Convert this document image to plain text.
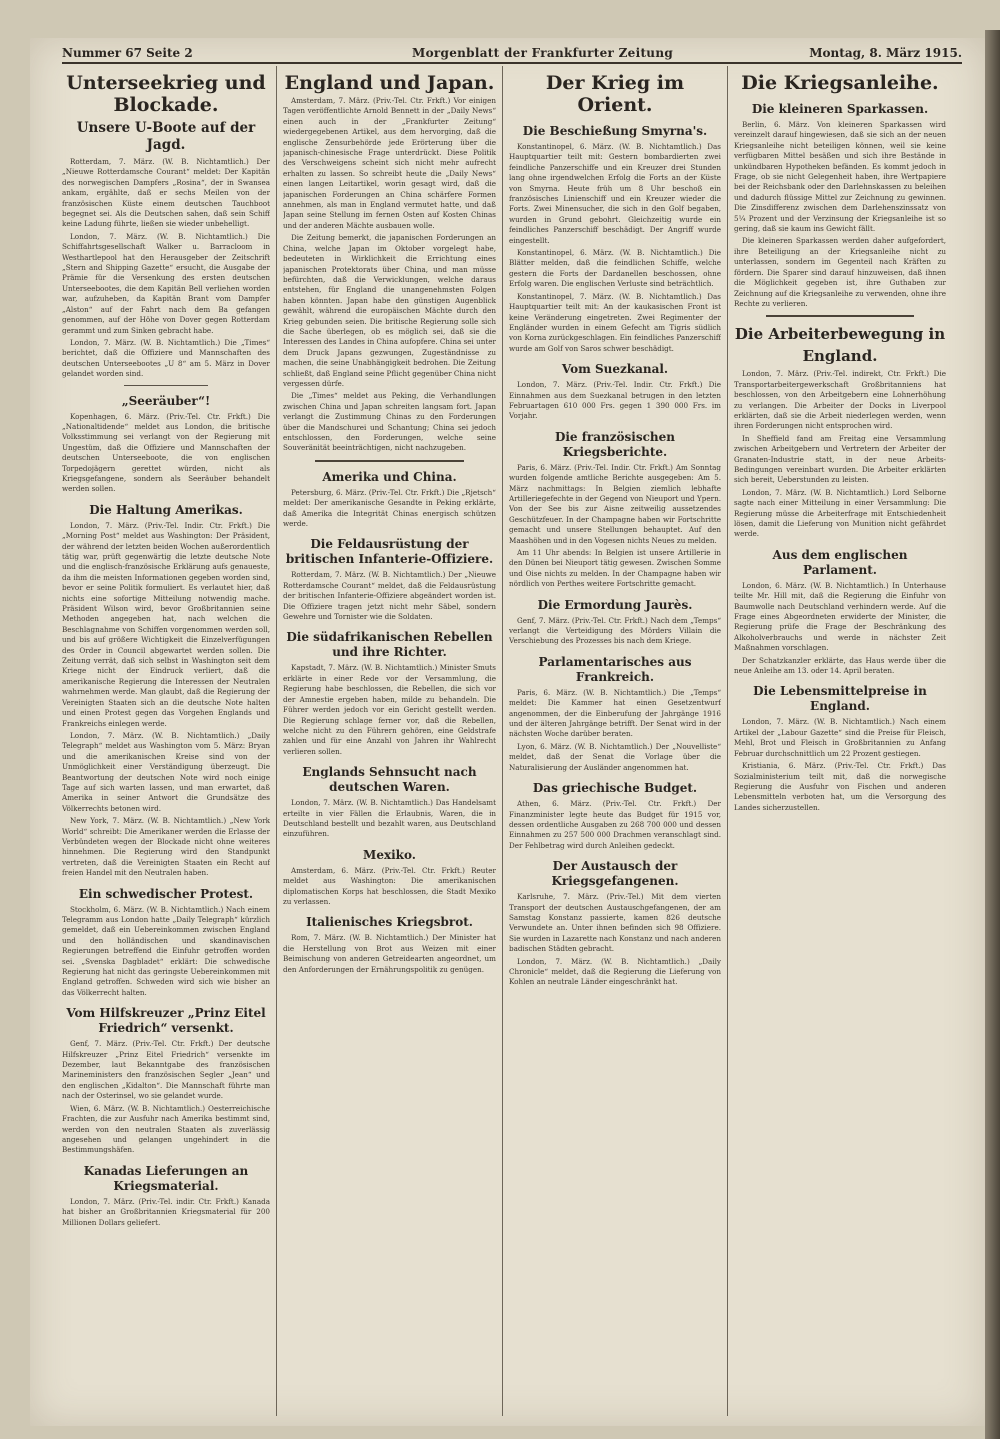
Nummer 67 Seite 2	Morgenblatt der Frankfurter Zeitung	Montag, 8. März 1915.
Unterseekrieg und Blockade.
Unsere U-Boote auf der Jagd.

Rotterdam, 7. März. (W. B. Nichtamtlich.) Der „Nieuwe Rotterdamsche Courant“ meldet: Der Kapitän des norwegischen Dampfers „Rosina“, der in Swansea ankam, ergählte, daß er sechs Meilen von der französischen Küste einem deutschen Tauchboot begegnet sei. Als die Deutschen sahen, daß sein Schiff keine Ladung führte, ließen sie wieder unbehelligt.

London, 7. März. (W. B. Nichtamtlich.) Die Schiffahrtsgesellschaft Walker u. Barracloom in Westhartlepool hat den Herausgeber der Zeitschrift „Stern and Shipping Gazette“ ersucht, die Ausgabe der Prämie für die Versenkung des ersten deutschen Unterseebootes, die dem Kapitän Bell verliehen worden war, aufzuheben, da Kapitän Brant vom Dampfer „Alston“ auf der Fahrt nach dem Ba gefangen genommen, auf der Höhe von Dover gegen Rotterdam gerammt und zum Sinken gebracht habe.

London, 7. März. (W. B. Nichtamtlich.) Die „Times“ berichtet, daß die Offiziere und Mannschaften des deutschen Unterseebootes „U 8“ am 5. März in Dover gelandet worden sind.

„Seeräuber“!

Kopenhagen, 6. März. (Priv.-Tel. Ctr. Frkft.) Die „Nationaltidende“ meldet aus London, die britische Volksstimmung sei verlangt von der Regierung mit Ungestüm, daß die Offiziere und Mannschaften der deutschen Unterseeboote, die von englischen Torpedojägern gerettet würden, nicht als Kriegsgefangene, sondern als Seeräuber behandelt werden sollen.

Die Haltung Amerikas.

London, 7. März. (Priv.-Tel. Indir. Ctr. Frkft.) Die „Morning Post“ meldet aus Washington: Der Präsident, der während der letzten beiden Wochen außerordentlich tätig war, prüft gegenwärtig die letzte deutsche Note und die englisch-französische Erklärung aufs genaueste, da ihm die meisten Informationen gegeben worden sind, bevor er seine Politik formuliert. Es verlautet hier, daß nichts eine sofortige Mitteilung notwendig mache. Präsident Wilson wird, bevor Großbritannien seine Methoden angegeben hat, nach welchen die Beschlagnahme von Schiffen vorgenommen werden soll, und bis auf größere Wichtigkeit die Einzelverfügungen des Order in Council abgewartet werden sollen. Die Zeitung verrät, daß sich selbst in Washington seit dem Kriege nicht der Eindruck verliert, daß die amerikanische Regierung die Interessen der Neutralen wahrnehmen werde. Man glaubt, daß die Regierung der Vereinigten Staaten sich an die deutsche Note halten und einen Protest gegen das Vorgehen Englands und Frankreichs einlegen werde.

London, 7. März. (W. B. Nichtamtlich.) „Daily Telegraph“ meldet aus Washington vom 5. März: Bryan und die amerikanischen Kreise sind von der Unmöglichkeit einer Verständigung überzeugt. Die Beantwortung der deutschen Note wird noch einige Tage auf sich warten lassen, und man erwartet, daß Amerika in seiner Antwort die Grundsätze des Völkerrechts betonen wird.

New York, 7. März. (W. B. Nichtamtlich.) „New York World“ schreibt: Die Amerikaner werden die Erlasse der Verbündeten wegen der Blockade nicht ohne weiteres hinnehmen. Die Regierung wird den Standpunkt vertreten, daß die Vereinigten Staaten ein Recht auf freien Handel mit den Neutralen haben.

Ein schwedischer Protest.

Stockholm, 6. März. (W. B. Nichtamtlich.) Nach einem Telegramm aus London hatte „Daily Telegraph“ kürzlich gemeldet, daß ein Uebereinkommen zwischen England und den holländischen und skandinavischen Regierungen betreffend die Einfuhr getroffen worden sei. „Svenska Dagbladet“ erklärt: Die schwedische Regierung hat nicht das geringste Uebereinkommen mit England getroffen. Schweden wird sich wie bisher an das Völkerrecht halten.

Vom Hilfskreuzer „Prinz Eitel Friedrich“ versenkt.

Genf, 7. März. (Priv.-Tel. Ctr. Frkft.) Der deutsche Hilfskreuzer „Prinz Eitel Friedrich“ versenkte im Dezember, laut Bekanntgabe des französischen Marineministers den französischen Segler „Jean“ und den englischen „Kidalton“. Die Mannschaft führte man nach der Osterinsel, wo sie gelandet wurde.

Wien, 6. März. (W. B. Nichtamtlich.) Oesterreichische Frachten, die zur Ausfuhr nach Amerika bestimmt sind, werden von den neutralen Staaten als zuverlässig angesehen und gelangen ungehindert in die Bestimmungshäfen.

Kanadas Lieferungen an Kriegsmaterial.

London, 7. März. (Priv.-Tel. indir. Ctr. Frkft.) Kanada hat bisher an Großbritannien Kriegsmaterial für 200 Millionen Dollars geliefert.

England und Japan.

Amsterdam, 7. März. (Priv.-Tel. Ctr. Frkft.) Vor einigen Tagen veröffentlichte Arnold Bennett in der „Daily News“ einen auch in der „Frankfurter Zeitung“ wiedergegebenen Artikel, aus dem hervorging, daß die englische Zensurbehörde jede Erörterung über die japanisch-chinesische Frage unterdrückt. Diese Politik des Verschweigens scheint sich nicht mehr aufrecht erhalten zu lassen. So schreibt heute die „Daily News“ einen langen Leitartikel, worin gesagt wird, daß die japanischen Forderungen an China schärfere Formen annehmen, als man in England vermutet hatte, und daß Japan seine Stellung im fernen Osten auf Kosten Chinas und der anderen Mächte ausbauen wolle.

Die Zeitung bemerkt, die japanischen Forderungen an China, welche Japan im Oktober vorgelegt habe, bedeuteten in Wirklichkeit die Errichtung eines japanischen Protektorats über China, und man müsse befürchten, daß die Verwicklungen, welche daraus entstehen, für England die unangenehmsten Folgen haben könnten. Japan habe den günstigen Augenblick gewählt, während die europäischen Mächte durch den Krieg gebunden seien. Die britische Regierung solle sich die Sache überlegen, ob es möglich sei, daß sie die Interessen des Landes in China aufopfere. China sei unter dem Druck Japans gezwungen, Zugeständnisse zu machen, die seine Unabhängigkeit bedrohen. Die Zeitung schließt, daß England seine Pflicht gegenüber China nicht vergessen dürfe.

Die „Times“ meldet aus Peking, die Verhandlungen zwischen China und Japan schreiten langsam fort. Japan verlangt die Zustimmung Chinas zu den Forderungen über die Mandschurei und Schantung; China sei jedoch entschlossen, den Forderungen, welche seine Souveränität beeinträchtigen, nicht nachzugeben.

Amerika und China.

Petersburg, 6. März. (Priv.-Tel. Ctr. Frkft.) Die „Rjetsch“ meldet: Der amerikanische Gesandte in Peking erklärte, daß Amerika die Integrität Chinas energisch schützen werde.

Die Feldausrüstung der britischen Infanterie-Offiziere.

Rotterdam, 7. März. (W. B. Nichtamtlich.) Der „Nieuwe Rotterdamsche Courant“ meldet, daß die Feldausrüstung der britischen Infanterie-Offiziere abgeändert worden ist. Die Offiziere tragen jetzt nicht mehr Säbel, sondern Gewehre und Tornister wie die Soldaten.

Die südafrikanischen Rebellen und ihre Richter.

Kapstadt, 7. März. (W. B. Nichtamtlich.) Minister Smuts erklärte in einer Rede vor der Versammlung, die Regierung habe beschlossen, die Rebellen, die sich vor der Amnestie ergeben haben, milde zu behandeln. Die Führer werden jedoch vor ein Gericht gestellt werden. Die Regierung schlage ferner vor, daß die Rebellen, welche nicht zu den Führern gehören, eine Geldstrafe zahlen und für eine Anzahl von Jahren ihr Wahlrecht verlieren sollen.

Englands Sehnsucht nach deutschen Waren.

London, 7. März. (W. B. Nichtamtlich.) Das Handelsamt erteilte in vier Fällen die Erlaubnis, Waren, die in Deutschland bestellt und bezahlt waren, aus Deutschland einzuführen.

Mexiko.

Amsterdam, 6. März. (Priv.-Tel. Ctr. Frkft.) Reuter meldet aus Washington: Die amerikanischen diplomatischen Korps hat beschlossen, die Stadt Mexiko zu verlassen.

Italienisches Kriegsbrot.

Rom, 7. März. (W. B. Nichtamtlich.) Der Minister hat die Herstellung von Brot aus Weizen mit einer Beimischung von anderen Getreidearten angeordnet, um den Anforderungen der Ernährungspolitik zu genügen.

Der Krieg im Orient.
Die Beschießung Smyrna's.

Konstantinopel, 6. März. (W. B. Nichtamtlich.) Das Hauptquartier teilt mit: Gestern bombardierten zwei feindliche Panzerschiffe und ein Kreuzer drei Stunden lang ohne irgendwelchen Erfolg die Forts an der Küste von Smyrna. Heute früh um 8 Uhr beschoß ein französisches Linienschiff und ein Kreuzer wieder die Forts. Zwei Minensucher, die sich in den Golf begaben, wurden in Grund gebohrt. Gleichzeitig wurde ein feindliches Panzerschiff beschädigt. Der Angriff wurde eingestellt.

Konstantinopel, 6. März. (W. B. Nichtamtlich.) Die Blätter melden, daß die feindlichen Schiffe, welche gestern die Forts der Dardanellen beschossen, ohne Erfolg waren. Die englischen Verluste sind beträchtlich.

Konstantinopel, 7. März. (W. B. Nichtamtlich.) Das Hauptquartier teilt mit: An der kaukasischen Front ist keine Veränderung eingetreten. Zwei Regimenter der Engländer wurden in einem Gefecht am Tigris südlich von Korna zurückgeschlagen. Ein feindliches Panzerschiff wurde am Golf von Saros schwer beschädigt.

Vom Suezkanal.

London, 7. März. (Priv.-Tel. Indir. Ctr. Frkft.) Die Einnahmen aus dem Suezkanal betrugen in den letzten Februartagen 610 000 Frs. gegen 1 390 000 Frs. im Vorjahr.

Die französischen Kriegsberichte.

Paris, 6. März. (Priv.-Tel. Indir. Ctr. Frkft.) Am Sonntag wurden folgende amtliche Berichte ausgegeben: Am 5. März nachmittags: In Belgien ziemlich lebhafte Artilleriegefechte in der Gegend von Nieuport und Ypern. Von der See bis zur Aisne zeitweilig aussetzendes Geschützfeuer. In der Champagne haben wir Fortschritte gemacht und unsere Stellungen behauptet. Auf den Maashöhen und in den Vogesen nichts Neues zu melden.

Am 11 Uhr abends: In Belgien ist unsere Artillerie in den Dünen bei Nieuport tätig gewesen. Zwischen Somme und Oise nichts zu melden. In der Champagne haben wir nördlich von Perthes weitere Fortschritte gemacht.

Die Ermordung Jaurès.

Genf, 7. März. (Priv.-Tel. Ctr. Frkft.) Nach dem „Temps“ verlangt die Verteidigung des Mörders Villain die Verschiebung des Prozesses bis nach dem Kriege.

Parlamentarisches aus Frankreich.

Paris, 6. März. (W. B. Nichtamtlich.) Die „Temps“ meldet: Die Kammer hat einen Gesetzentwurf angenommen, der die Einberufung der Jahrgänge 1916 und der älteren Jahrgänge betrifft. Der Senat wird in der nächsten Woche darüber beraten.

Lyon, 6. März. (W. B. Nichtamtlich.) Der „Nouvelliste“ meldet, daß der Senat die Vorlage über die Naturalisierung der Ausländer angenommen hat.

Das griechische Budget.

Athen, 6. März. (Priv.-Tel. Ctr. Frkft.) Der Finanzminister legte heute das Budget für 1915 vor, dessen ordentliche Ausgaben zu 268 700 000 und dessen Einnahmen zu 257 500 000 Drachmen veranschlagt sind. Der Fehlbetrag wird durch Anleihen gedeckt.

Der Austausch der Kriegsgefangenen.

Karlsruhe, 7. März. (Priv.-Tel.) Mit dem vierten Transport der deutschen Austauschgefangenen, der am Samstag Konstanz passierte, kamen 826 deutsche Verwundete an. Unter ihnen befinden sich 98 Offiziere. Sie wurden in Lazarette nach Konstanz und nach anderen badischen Städten gebracht.

London, 7. März. (W. B. Nichtamtlich.) „Daily Chronicle“ meldet, daß die Regierung die Lieferung von Kohlen an neutrale Länder eingeschränkt hat.

Die Kriegsanleihe.
Die kleineren Sparkassen.

Berlin, 6. März. Von kleineren Sparkassen wird vereinzelt darauf hingewiesen, daß sie sich an der neuen Kriegsanleihe nicht beteiligen können, weil sie keine verfügbaren Mittel besäßen und sich ihre Bestände in unkündbaren Hypotheken befänden. Es kommt jedoch in Frage, ob sie nicht Gelegenheit haben, ihre Wertpapiere bei der Reichsbank oder den Darlehnskassen zu beleihen und dadurch flüssige Mittel zur Zeichnung zu gewinnen. Die Zinsdifferenz zwischen dem Darlehenszinssatz von 5¼ Prozent und der Verzinsung der Kriegsanleihe ist so gering, daß sie kaum ins Gewicht fällt.

Die kleineren Sparkassen werden daher aufgefordert, ihre Beteiligung an der Kriegsanleihe nicht zu unterlassen, sondern im Gegenteil nach Kräften zu fördern. Die Sparer sind darauf hinzuweisen, daß ihnen die Möglichkeit gegeben ist, ihre Guthaben zur Zeichnung auf die Kriegsanleihe zu verwenden, ohne ihre Rechte zu verlieren.

Die Arbeiterbewegung in England.

London, 7. März. (Priv.-Tel. indirekt, Ctr. Frkft.) Die Transportarbeitergewerkschaft Großbritanniens hat beschlossen, von den Arbeitgebern eine Lohnerhöhung zu verlangen. Die Arbeiter der Docks in Liverpool erklärten, daß sie die Arbeit niederlegen werden, wenn ihren Forderungen nicht entsprochen wird.

In Sheffield fand am Freitag eine Versammlung zwischen Arbeitgebern und Vertretern der Arbeiter der Granaten-Industrie statt, in der neue Arbeits-Bedingungen vereinbart wurden. Die Arbeiter erklärten sich bereit, Ueberstunden zu leisten.

London, 7. März. (W. B. Nichtamtlich.) Lord Selborne sagte nach einer Mitteilung in einer Versammlung: Die Regierung müsse die Arbeiterfrage mit Entschiedenheit lösen, damit die Lieferung von Munition nicht gefährdet werde.

Aus dem englischen Parlament.

London, 6. März. (W. B. Nichtamtlich.) In Unterhause teilte Mr. Hill mit, daß die Regierung die Einfuhr von Baumwolle nach Deutschland verhindern werde. Auf die Frage eines Abgeordneten erwiderte der Minister, die Regierung prüfe die Frage der Beschränkung des Alkoholverbrauchs und werde in nächster Zeit Maßnahmen vorschlagen.

Der Schatzkanzler erklärte, das Haus werde über die neue Anleihe am 13. oder 14. April beraten.

Die Lebensmittelpreise in England.

London, 7. März. (W. B. Nichtamtlich.) Nach einem Artikel der „Labour Gazette“ sind die Preise für Fleisch, Mehl, Brot und Fleisch in Großbritannien zu Anfang Februar durchschnittlich um 22 Prozent gestiegen.

Kristiania, 6. März. (Priv.-Tel. Ctr. Frkft.) Das Sozialministerium teilt mit, daß die norwegische Regierung die Ausfuhr von Fischen und anderen Lebensmitteln verboten hat, um die Versorgung des Landes sicherzustellen.
